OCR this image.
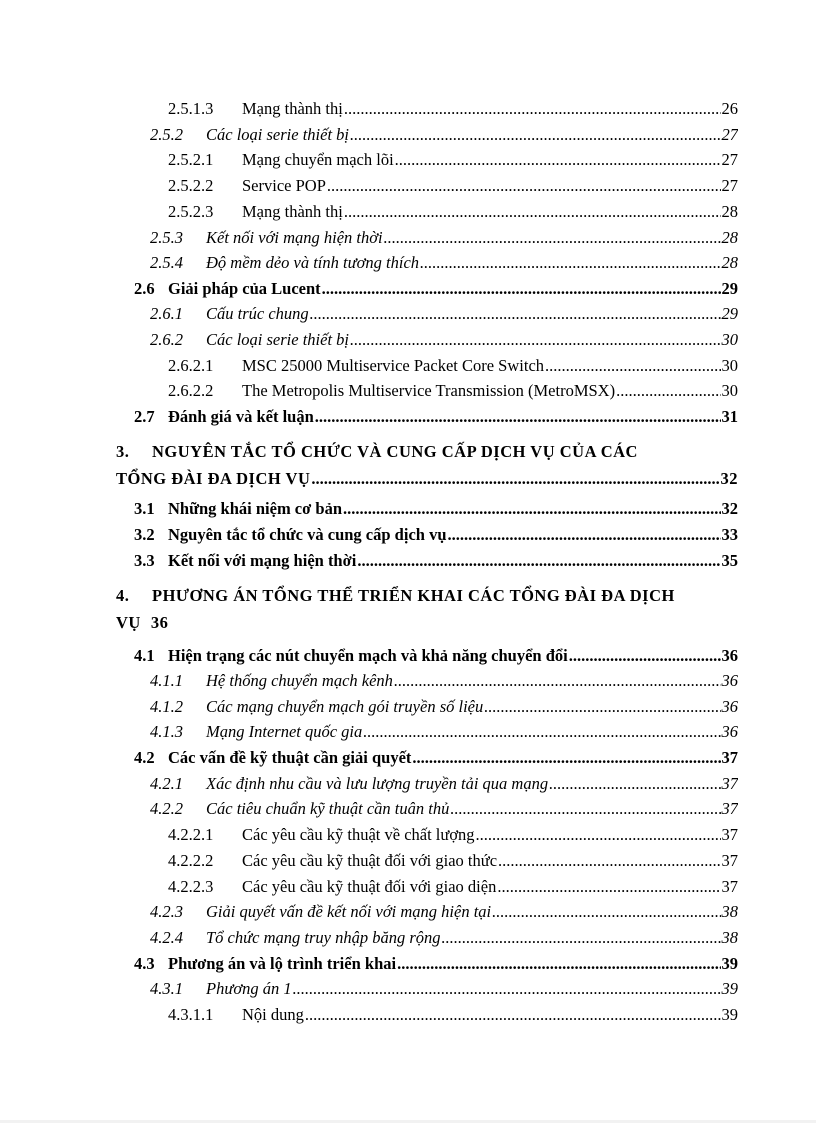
2.5.1.3	Mạng thành thị .....	26
2.5.2	Các loại serie thiết bị .....	27
2.5.2.1	Mạng chuyển mạch lõi .....	27
2.5.2.2	Service POP .....	27
2.5.2.3	Mạng thành thị .....	28
2.5.3	Kết nối với mạng hiện thời .....	28
2.5.4	Độ mềm dẻo và tính tương thích .....	28
2.6 Giải pháp của Lucent .....	29
2.6.1	Cấu trúc chung .....	29
2.6.2	Các loại serie thiết bị .....	30
2.6.2.1	MSC 25000 Multiservice Packet Core Switch .....	30
2.6.2.2	The Metropolis Multiservice Transmission (MetroMSX) .....	30
2.7 Đánh giá và kết luận .....	31
3.	NGUYÊN TẮC TỔ CHỨC VÀ CUNG CẤP DỊCH VỤ CỦA CÁC
TỔNG ĐÀI ĐA DỊCH VỤ .....	32
3.1 Những khái niệm cơ bản .....	32
3.2 Nguyên tắc tổ chức và cung cấp dịch vụ .....	33
3.3 Kết nối với mạng hiện thời .....	35
4.	PHƯƠNG ÁN TỔNG THỂ TRIỂN KHAI CÁC TỔNG ĐÀI ĐA DỊCH
VỤ 36
4.1 Hiện trạng các nút chuyển mạch và khả năng chuyển đổi .....	36
4.1.1	Hệ thống chuyển mạch kênh .....	36
4.1.2	Các mạng chuyển mạch gói truyền số liệu .....	36
4.1.3	Mạng Internet quốc gia .....	36
4.2 Các vấn đề kỹ thuật cần giải quyết .....	37
4.2.1	Xác định nhu cầu và lưu lượng truyền tải qua mạng .....	37
4.2.2	Các tiêu chuẩn kỹ thuật cần tuân thủ .....	37
4.2.2.1	Các yêu cầu kỹ thuật về chất lượng .....	37
4.2.2.2	Các yêu cầu kỹ thuật đối với giao thức .....	37
4.2.2.3	Các yêu cầu kỹ thuật đối với giao diện .....	37
4.2.3	Giải quyết vấn đề kết nối với mạng hiện tại .....	38
4.2.4	Tổ chức mạng truy nhập băng rộng .....	38
4.3 Phương án và lộ trình triển khai .....	39
4.3.1	Phương án 1 .....	39
4.3.1.1	Nội dung .....	39
